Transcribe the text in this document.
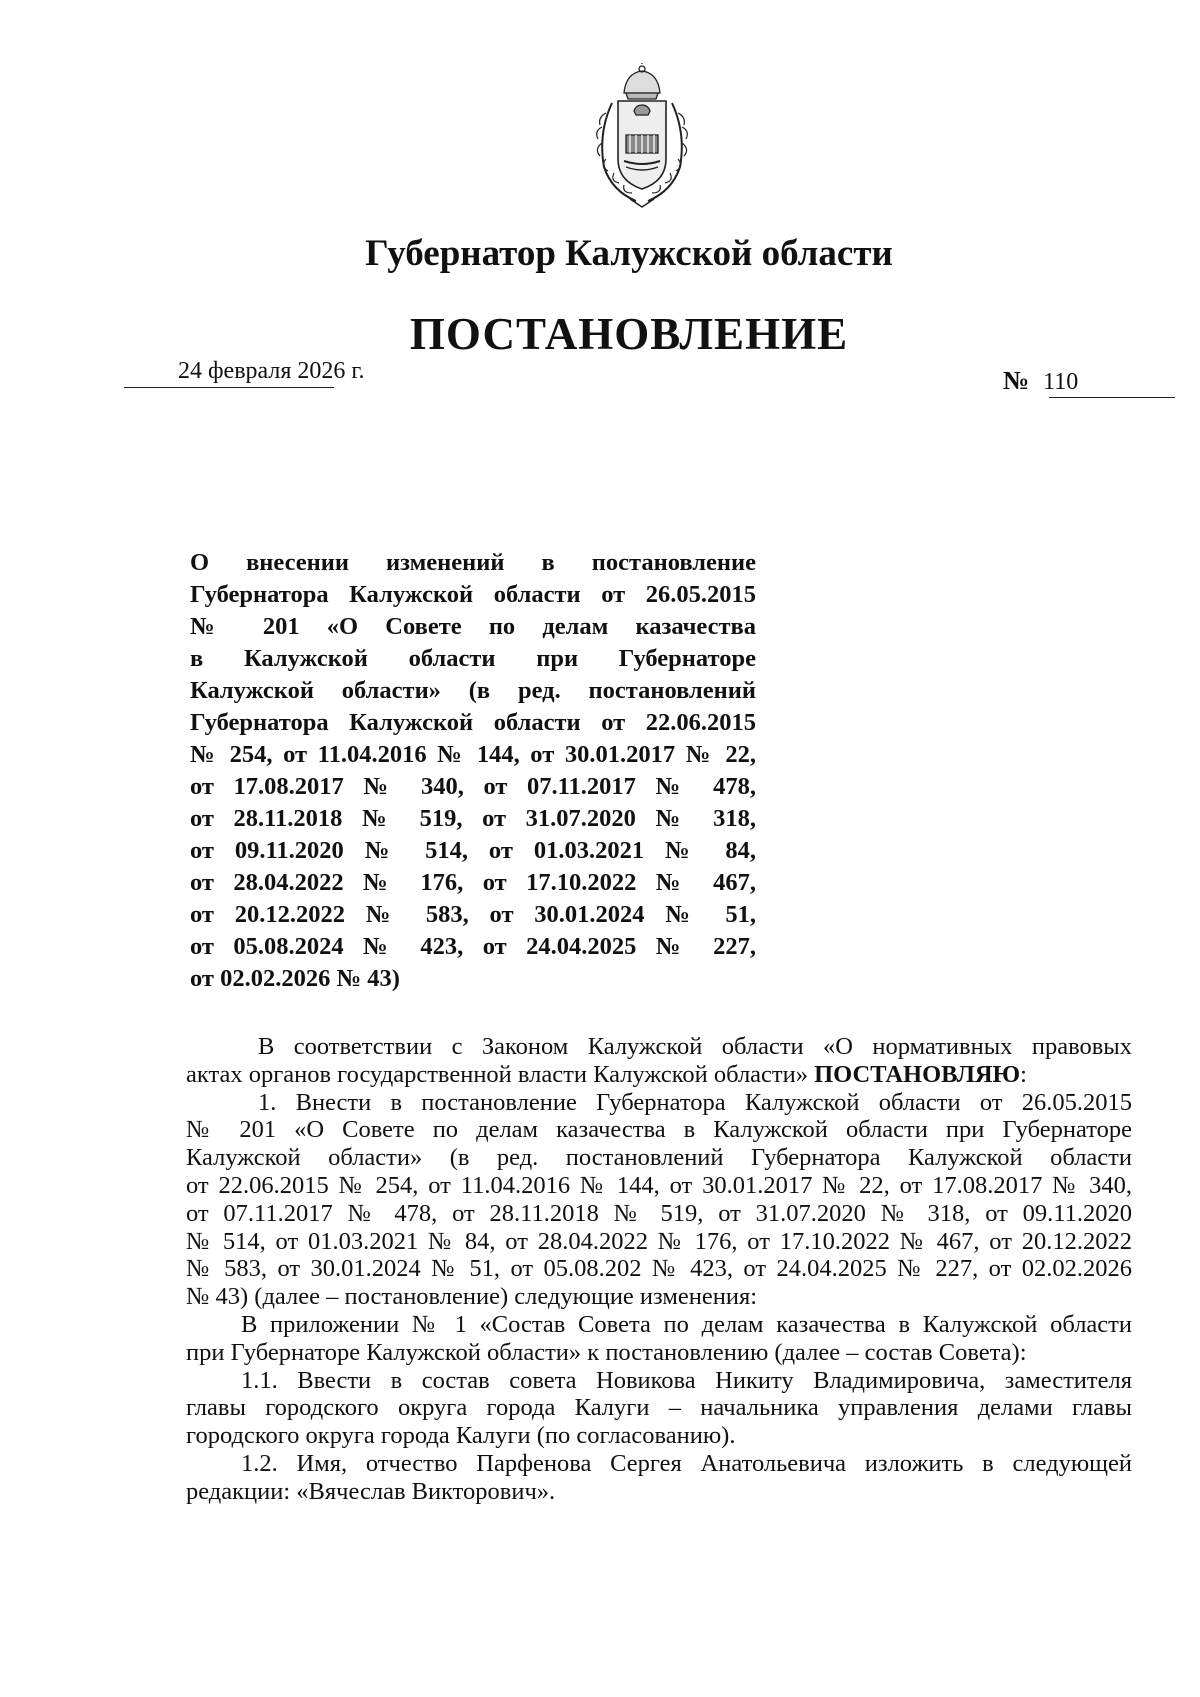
Губернатор Калужской области
ПОСТАНОВЛЕНИЕ
24 февраля 2026 г.	№ 110
О внесении изменений в постановление
Губернатора Калужской области от 26.05.2015
№ 201 «О Совете по делам казачества
в Калужской области при Губернаторе
Калужской области» (в ред. постановлений
Губернатора Калужской области от 22.06.2015
№ 254, от 11.04.2016 № 144, от 30.01.2017 № 22,
от 17.08.2017 № 340, от 07.11.2017 № 478,
от 28.11.2018 № 519, от 31.07.2020 № 318,
от 09.11.2020 № 514, от 01.03.2021 № 84,
от 28.04.2022 № 176, от 17.10.2022 № 467,
от 20.12.2022 № 583, от 30.01.2024 № 51,
от 05.08.2024 № 423, от 24.04.2025 № 227,
от 02.02.2026 № 43)
В соответствии с Законом Калужской области «О нормативных правовых
актах органов государственной власти Калужской области» ПОСТАНОВЛЯЮ:
1. Внести в постановление Губернатора Калужской области от 26.05.2015
№ 201 «О Совете по делам казачества в Калужской области при Губернаторе
Калужской области» (в ред. постановлений Губернатора Калужской области
от 22.06.2015 № 254, от 11.04.2016 № 144, от 30.01.2017 № 22, от 17.08.2017 № 340,
от 07.11.2017 № 478, от 28.11.2018 № 519, от 31.07.2020 № 318, от 09.11.2020
№ 514, от 01.03.2021 № 84, от 28.04.2022 № 176, от 17.10.2022 № 467, от 20.12.2022
№ 583, от 30.01.2024 № 51, от 05.08.202 № 423, от 24.04.2025 № 227, от 02.02.2026
№ 43) (далее – постановление) следующие изменения:
В приложении № 1 «Состав Совета по делам казачества в Калужской области
при Губернаторе Калужской области» к постановлению (далее – состав Совета):
1.1. Ввести в состав совета Новикова Никиту Владимировича, заместителя
главы городского округа города Калуги – начальника управления делами главы
городского округа города Калуги (по согласованию).
1.2. Имя, отчество Парфенова Сергея Анатольевича изложить в следующей
редакции: «Вячеслав Викторович».
